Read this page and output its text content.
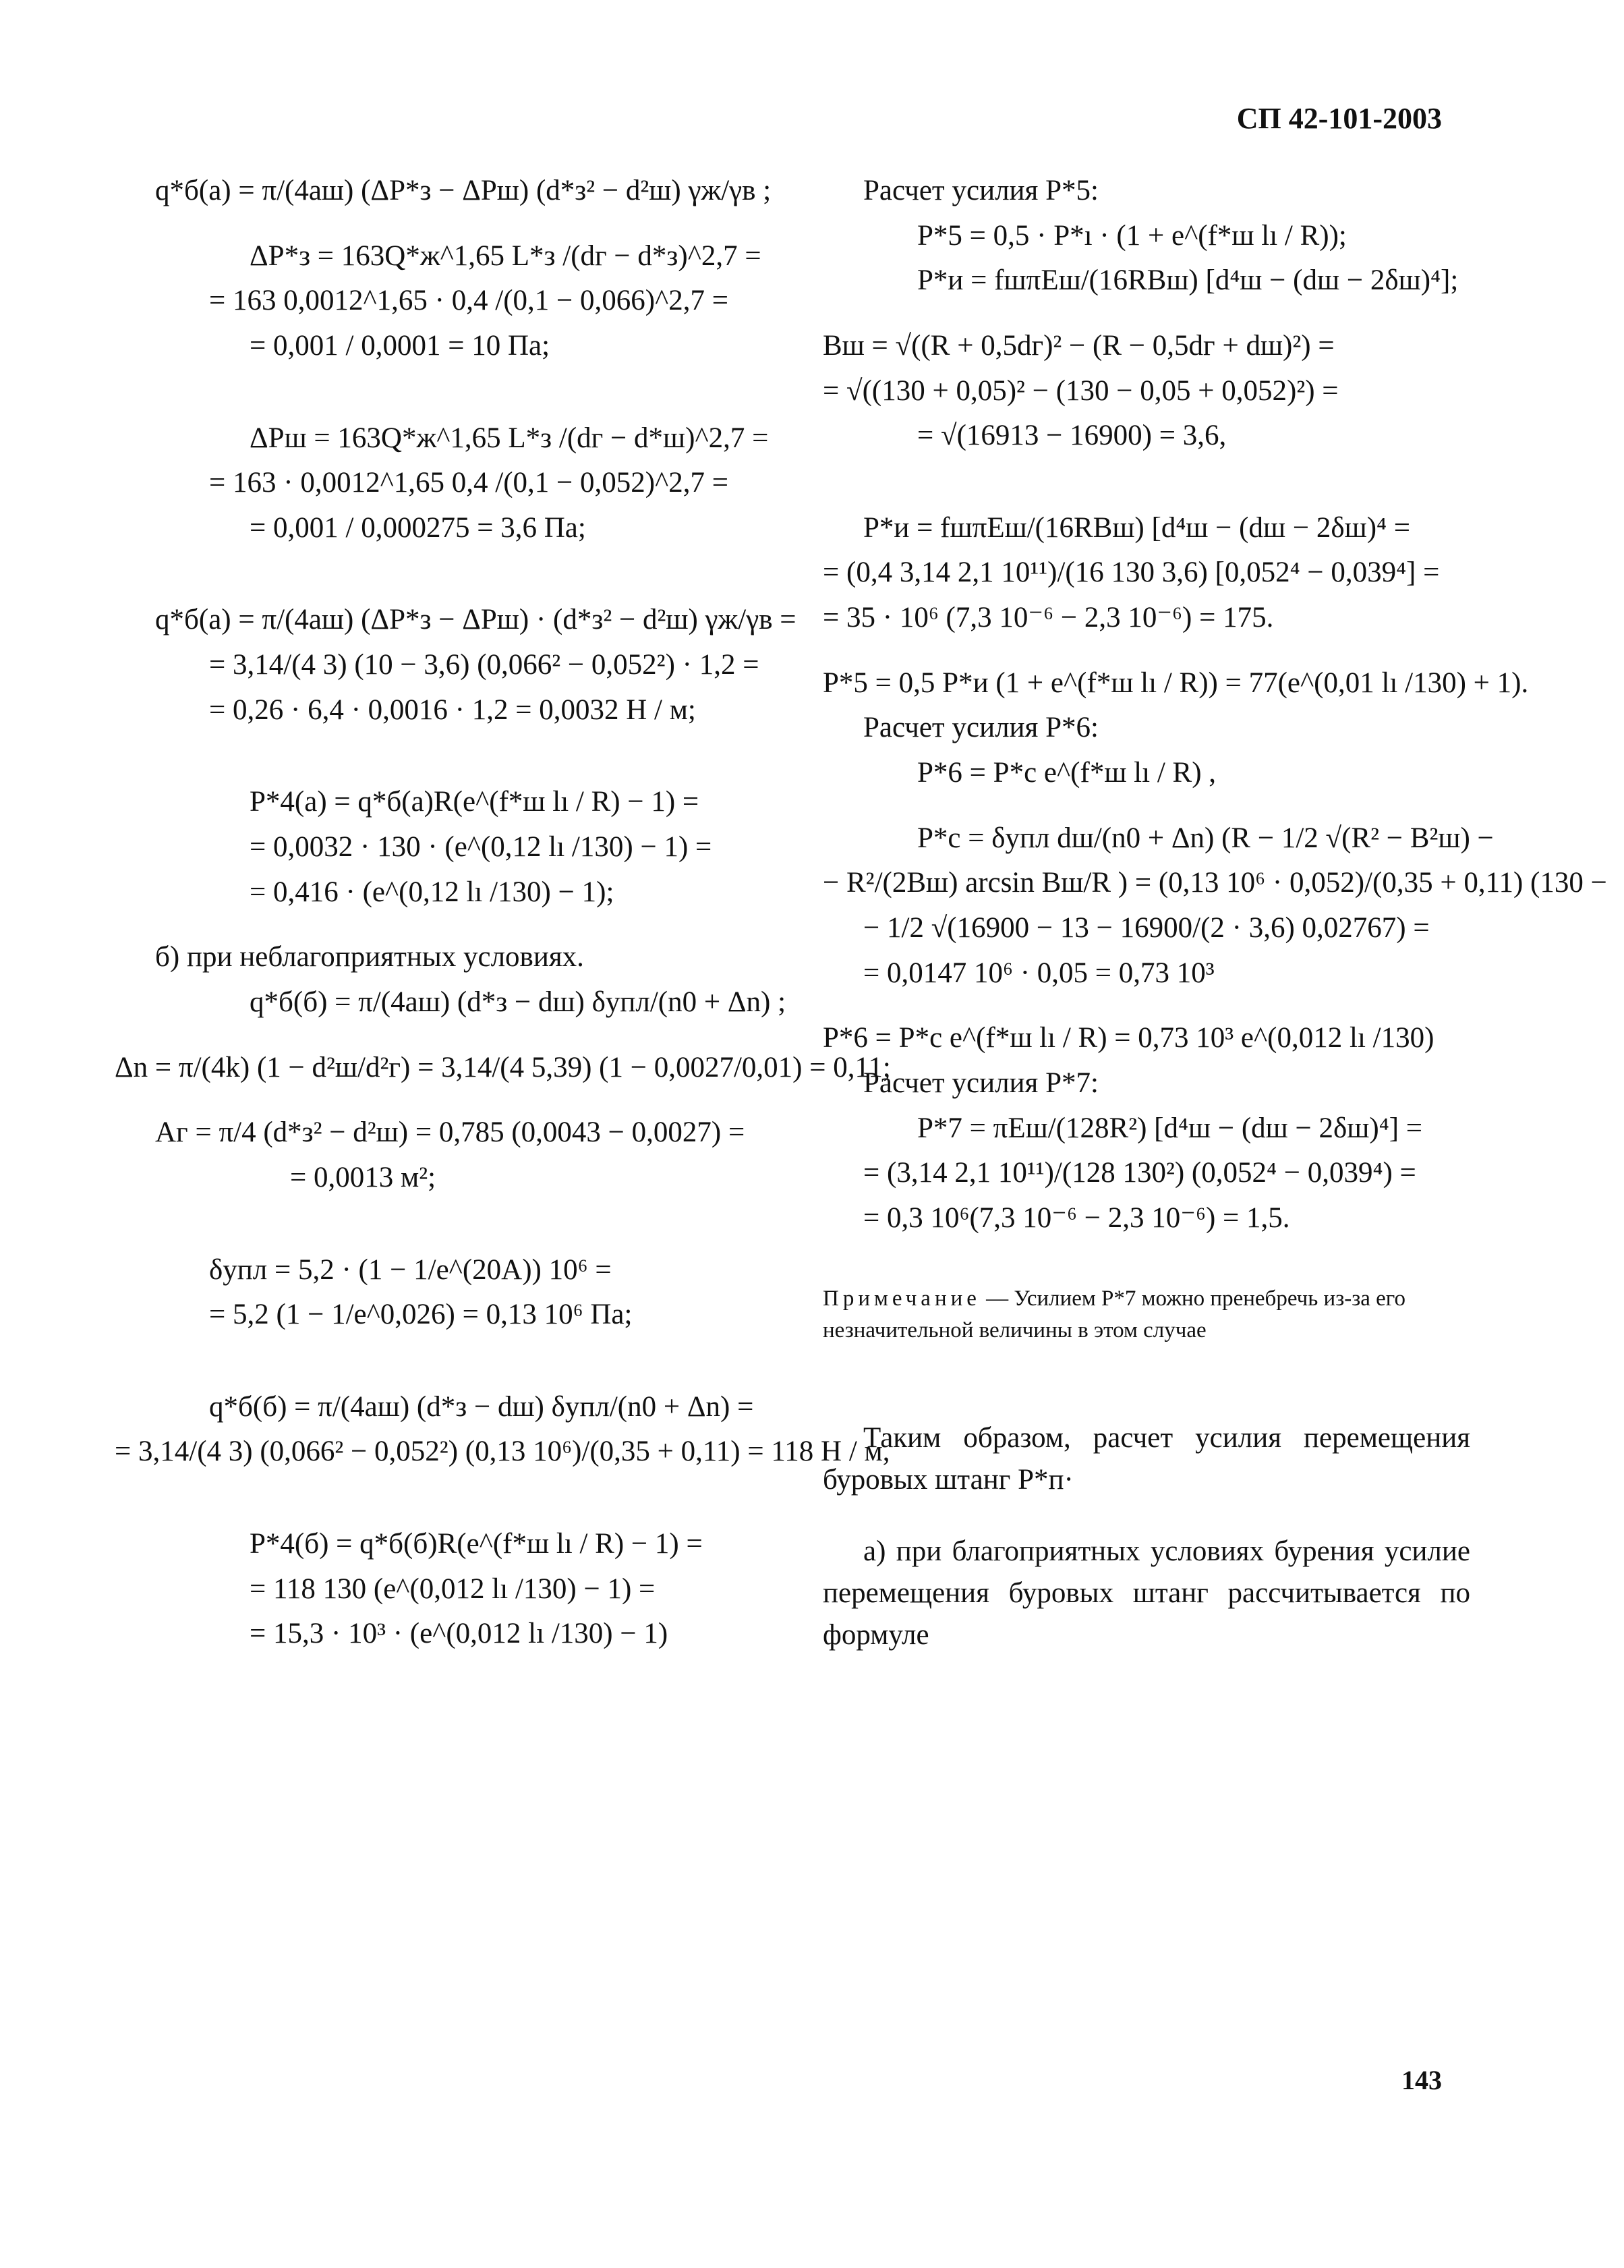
СП 42-101-2003

q*б(а) = π/(4aш) (ΔP*з − ΔPш) (d*з² − d²ш) γж/γв ;

ΔP*з = 163Q*ж^1,65 L*з /(dг − d*з)^2,7 =

= 163 0,0012^1,65 · 0,4 /(0,1 − 0,066)^2,7 =

= 0,001 / 0,0001 = 10 Па;

ΔPш = 163Q*ж^1,65 L*з /(dг − d*ш)^2,7 =

= 163 · 0,0012^1,65 0,4 /(0,1 − 0,052)^2,7 =

= 0,001 / 0,000275 = 3,6 Па;

q*б(а) = π/(4aш) (ΔP*з − ΔPш) · (d*з² − d²ш) γж/γв =

= 3,14/(4 3) (10 − 3,6) (0,066² − 0,052²) · 1,2 =

= 0,26 · 6,4 · 0,0016 · 1,2 = 0,0032 Н / м;

P*4(а) = q*б(а)R(e^(f*ш lı / R) − 1) =

= 0,0032 · 130 · (e^(0,12 lı /130) − 1) =

= 0,416 · (e^(0,12 lı /130) − 1);

б) при неблагоприятных условиях.

q*б(б) = π/(4aш) (d*з − dш) δупл/(n0 + Δn) ;

Δn = π/(4k) (1 − d²ш/d²г) = 3,14/(4 5,39) (1 − 0,0027/0,01) = 0,11;

Aг = π/4 (d*з² − d²ш) = 0,785 (0,0043 − 0,0027) =

= 0,0013 м²;

δупл = 5,2 · (1 − 1/e^(20A)) 10⁶ =

= 5,2 (1 − 1/e^0,026) = 0,13 10⁶ Па;

q*б(б) = π/(4aш) (d*з − dш) δупл/(n0 + Δn) =

= 3,14/(4 3) (0,066² − 0,052²) (0,13 10⁶)/(0,35 + 0,11) = 118 Н / м,

P*4(б) = q*б(б)R(e^(f*ш lı / R) − 1) =

= 118 130 (e^(0,012 lı /130) − 1) =

= 15,3 · 10³ · (e^(0,012 lı /130) − 1)

Расчет усилия P*5:

P*5 = 0,5 · P*ı · (1 + e^(f*ш lı / R));

P*и = fшπEш/(16RBш) [d⁴ш − (dш − 2δш)⁴];

Bш = √((R + 0,5dг)² − (R − 0,5dг + dш)²) =

= √((130 + 0,05)² − (130 − 0,05 + 0,052)²) =

= √(16913 − 16900) = 3,6,

P*и = fшπEш/(16RBш) [d⁴ш − (dш − 2δш)⁴ =

= (0,4 3,14 2,1 10¹¹)/(16 130 3,6) [0,052⁴ − 0,039⁴] =

= 35 · 10⁶ (7,3 10⁻⁶ − 2,3 10⁻⁶) = 175.

P*5 = 0,5 P*и (1 + e^(f*ш lı / R)) = 77(e^(0,01 lı /130) + 1).

Расчет усилия P*6:

P*6 = P*c e^(f*ш lı / R) ,

P*c = δупл dш/(n0 + Δn) (R − 1/2 √(R² − B²ш) −

− R²/(2Bш) arcsin Bш/R ) = (0,13 10⁶ · 0,052)/(0,35 + 0,11) (130 −

− 1/2 √(16900 − 13 − 16900/(2 · 3,6) 0,02767) =

= 0,0147 10⁶ · 0,05 = 0,73 10³

P*6 = P*c e^(f*ш lı / R) = 0,73 10³ e^(0,012 lı /130)

Расчет усилия P*7:

P*7 = πEш/(128R²) [d⁴ш − (dш − 2δш)⁴] =

= (3,14 2,1 10¹¹)/(128 130²) (0,052⁴ − 0,039⁴) =

= 0,3 10⁶(7,3 10⁻⁶ − 2,3 10⁻⁶) = 1,5.

Примечание — Усилием P*7 можно пренебречь из-за его незначительной величины в этом случае

Таким образом, расчет усилия перемещения буровых штанг P*п·

а) при благоприятных условиях бурения усилие перемещения буровых штанг рассчитывается по формуле

143
